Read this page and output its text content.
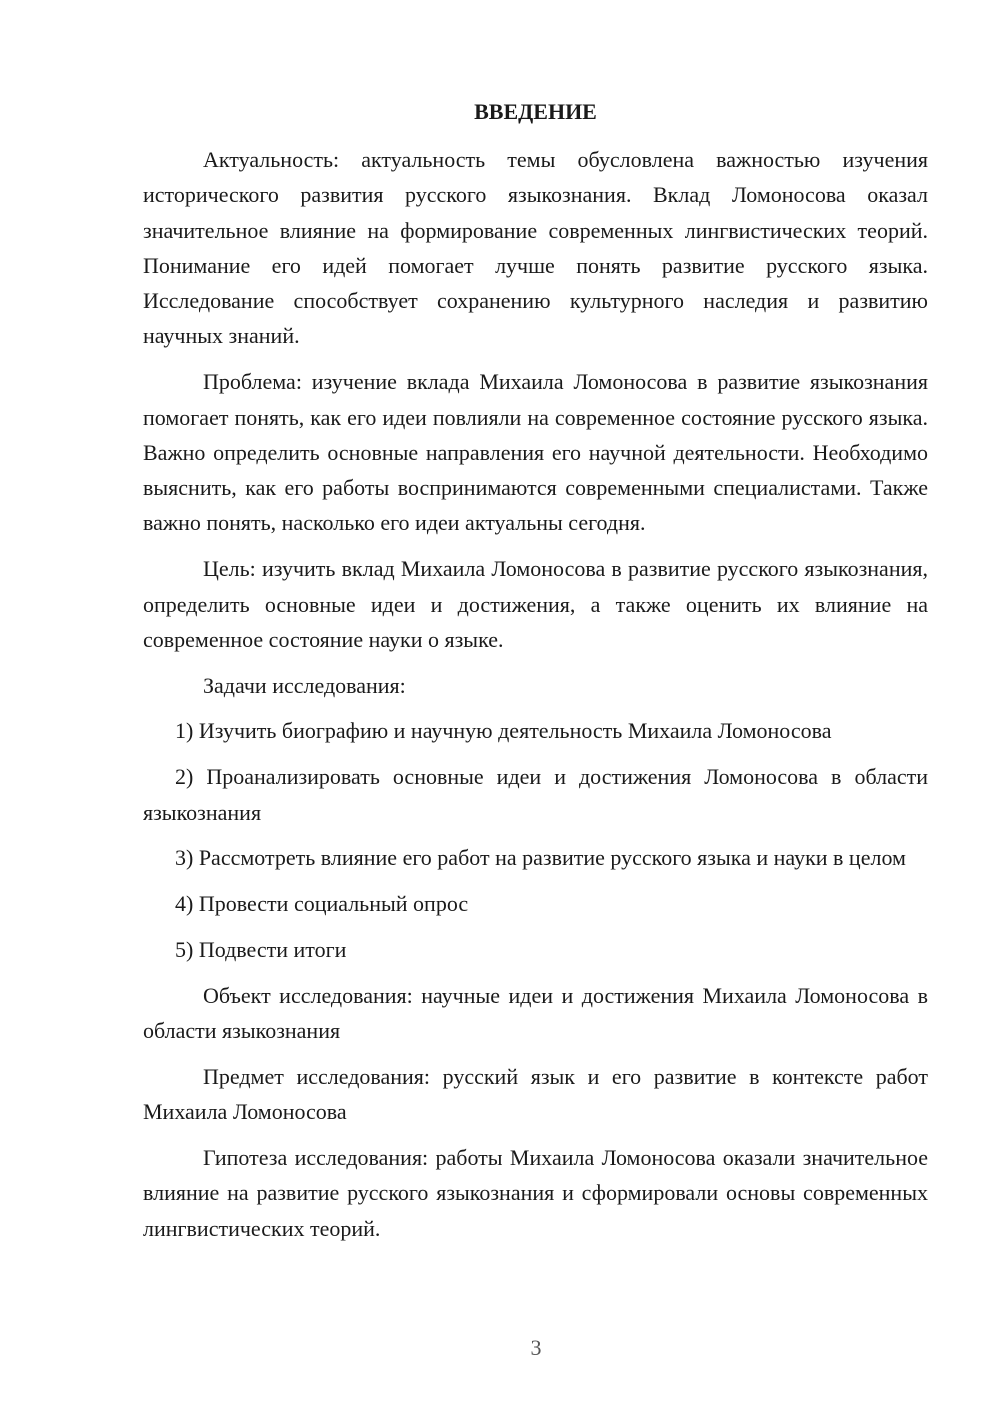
ВВЕДЕНИЕ

Актуальность: актуальность темы обусловлена важностью изучения исторического развития русского языкознания. Вклад Ломоносова оказал значительное влияние на формирование современных лингвистических теорий. Понимание его идей помогает лучше понять развитие русского языка. Исследование способствует сохранению культурного наследия и развитию научных знаний.

Проблема: изучение вклада Михаила Ломоносова в развитие языкознания помогает понять, как его идеи повлияли на современное состояние русского языка. Важно определить основные направления его научной деятельности. Необходимо выяснить, как его работы воспринимаются современными специалистами. Также важно понять, насколько его идеи актуальны сегодня.

Цель: изучить вклад Михаила Ломоносова в развитие русского языкознания, определить основные идеи и достижения, а также оценить их влияние на современное состояние науки о языке.

Задачи исследования:

1) Изучить биографию и научную деятельность Михаила Ломоносова

2) Проанализировать основные идеи и достижения Ломоносова в области языкознания

3) Рассмотреть влияние его работ на развитие русского языка и науки в целом

4) Провести социальный опрос

5) Подвести итоги

Объект исследования: научные идеи и достижения Михаила Ломоносова в области языкознания

Предмет исследования: русский язык и его развитие в контексте работ Михаила Ломоносова

Гипотеза исследования: работы Михаила Ломоносова оказали значительное влияние на развитие русского языкознания и сформировали основы современных лингвистических теорий.

3
